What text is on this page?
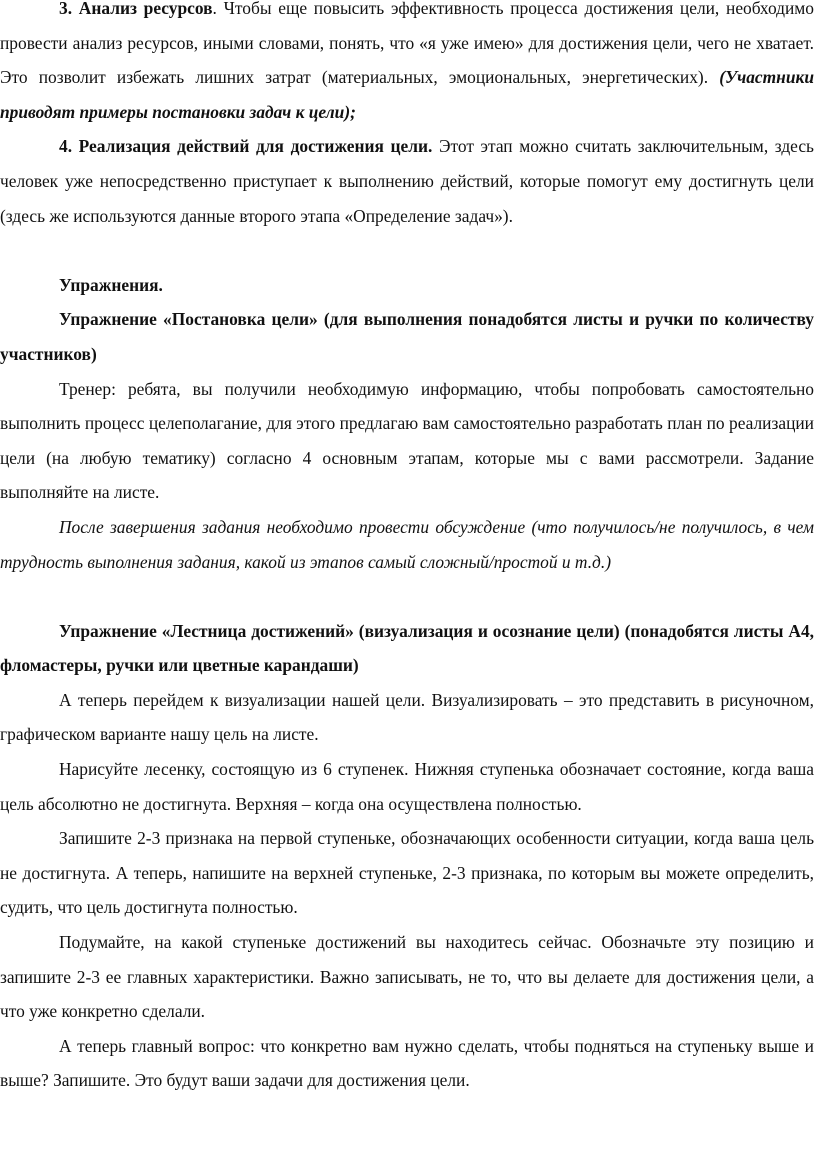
3. Анализ ресурсов. Чтобы еще повысить эффективность процесса достижения цели, необходимо провести анализ ресурсов, иными словами, понять, что «я уже имею» для достижения цели, чего не хватает. Это позволит избежать лишних затрат (материальных, эмоциональных, энергетических). (Участники приводят примеры постановки задач к цели);

4. Реализация действий для достижения цели. Этот этап можно считать заключительным, здесь человек уже непосредственно приступает к выполнению действий, которые помогут ему достигнуть цели (здесь же используются данные второго этапа «Определение задач»).

Упражнения.

Упражнение «Постановка цели» (для выполнения понадобятся листы и ручки по количеству участников)

Тренер: ребята, вы получили необходимую информацию, чтобы попробовать самостоятельно выполнить процесс целеполагание, для этого предлагаю вам самостоятельно разработать план по реализации цели (на любую тематику) согласно 4 основным этапам, которые мы с вами рассмотрели. Задание выполняйте на листе.

После завершения задания необходимо провести обсуждение (что получилось/не получилось, в чем трудность выполнения задания, какой из этапов самый сложный/простой и т.д.)

Упражнение «Лестница достижений» (визуализация и осознание цели) (понадобятся листы А4, фломастеры, ручки или цветные карандаши)

А теперь перейдем к визуализации нашей цели. Визуализировать – это представить в рисуночном, графическом варианте нашу цель на листе.

Нарисуйте лесенку, состоящую из 6 ступенек. Нижняя ступенька обозначает состояние, когда ваша цель абсолютно не достигнута. Верхняя – когда она осуществлена полностью.

Запишите 2-3 признака на первой ступеньке, обозначающих особенности ситуации, когда ваша цель не достигнута. А теперь, напишите на верхней ступеньке, 2-3 признака, по которым вы можете определить, судить, что цель достигнута полностью.

Подумайте, на какой ступеньке достижений вы находитесь сейчас. Обозначьте эту позицию и запишите 2-3 ее главных характеристики. Важно записывать, не то, что вы делаете для достижения цели, а что уже конкретно сделали.

А теперь главный вопрос: что конкретно вам нужно сделать, чтобы подняться на ступеньку выше и выше? Запишите. Это будут ваши задачи для достижения цели.
